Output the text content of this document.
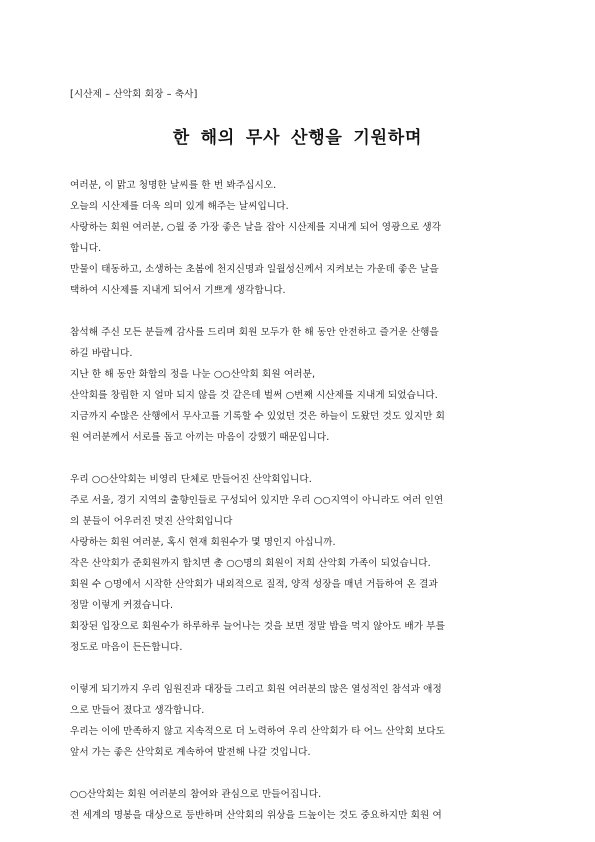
[시산제 – 산악회 회장 – 축사]
한 해의 무사 산행을 기원하며
여러분, 이 맑고 청명한 날씨를 한 번 봐주십시오.
오늘의 시산제를 더욱 의미 있게 해주는 날씨입니다.
사랑하는 회원 여러분, ○월 중 가장 좋은 날을 잡아 시산제를 지내게 되어 영광으로 생각
합니다.
만물이 태동하고, 소생하는 초봄에 천지신명과 일월성신께서 지켜보는 가운데 좋은 날을
택하여 시산제를 지내게 되어서 기쁘게 생각합니다.
참석해 주신 모든 분들께 감사를 드리며 회원 모두가 한 해 동안 안전하고 즐거운 산행을
하길 바랍니다.
지난 한 해 동안 화합의 정을 나눈 ○○산악회 회원 여러분,
산악회를 창립한 지 얼마 되지 않을 것 같은데 벌써 ○번째 시산제를 지내게 되었습니다.
지금까지 수많은 산행에서 무사고를 기록할 수 있었던 것은 하늘이 도왔던 것도 있지만 회
원 여러분께서 서로를 돕고 아끼는 마음이 강했기 때문입니다.
우리 ○○산악회는 비영리 단체로 만들어진 산악회입니다.
주로 서울, 경기 지역의 출향인들로 구성되어 있지만 우리 ○○지역이 아니라도 여러 인연
의 분들이 어우러진 멋진 산악회입니다
사랑하는 회원 여러분, 혹시 현재 회원수가 몇 명인지 아십니까.
작은 산악회가 준회원까지 합치면 총 ○○명의 회원이 저희 산악회 가족이 되었습니다.
회원 수 ○명에서 시작한 산악회가 내외적으로 질적, 양적 성장을 매년 거듭하여 온 결과
정말 이렇게 커졌습니다.
회장된 입장으로 회원수가 하루하루 늘어나는 것을 보면 정말 밥을 먹지 않아도 배가 부를
정도로 마음이 든든합니다.
이렇게 되기까지 우리 임원진과 대장들 그리고 회원 여러분의 많은 열성적인 참석과 애정
으로 만들어 졌다고 생각합니다.
우리는 이에 만족하지 않고 지속적으로 더 노력하여 우리 산악회가 타 어느 산악회 보다도
앞서 가는 좋은 산악회로 계속하여 발전해 나갈 것입니다.
○○산악회는 회원 여러분의 참여와 관심으로 만들어집니다.
전 세계의 명봉을 대상으로 등반하며 산악회의 위상을 드높이는 것도 중요하지만 회원 여
